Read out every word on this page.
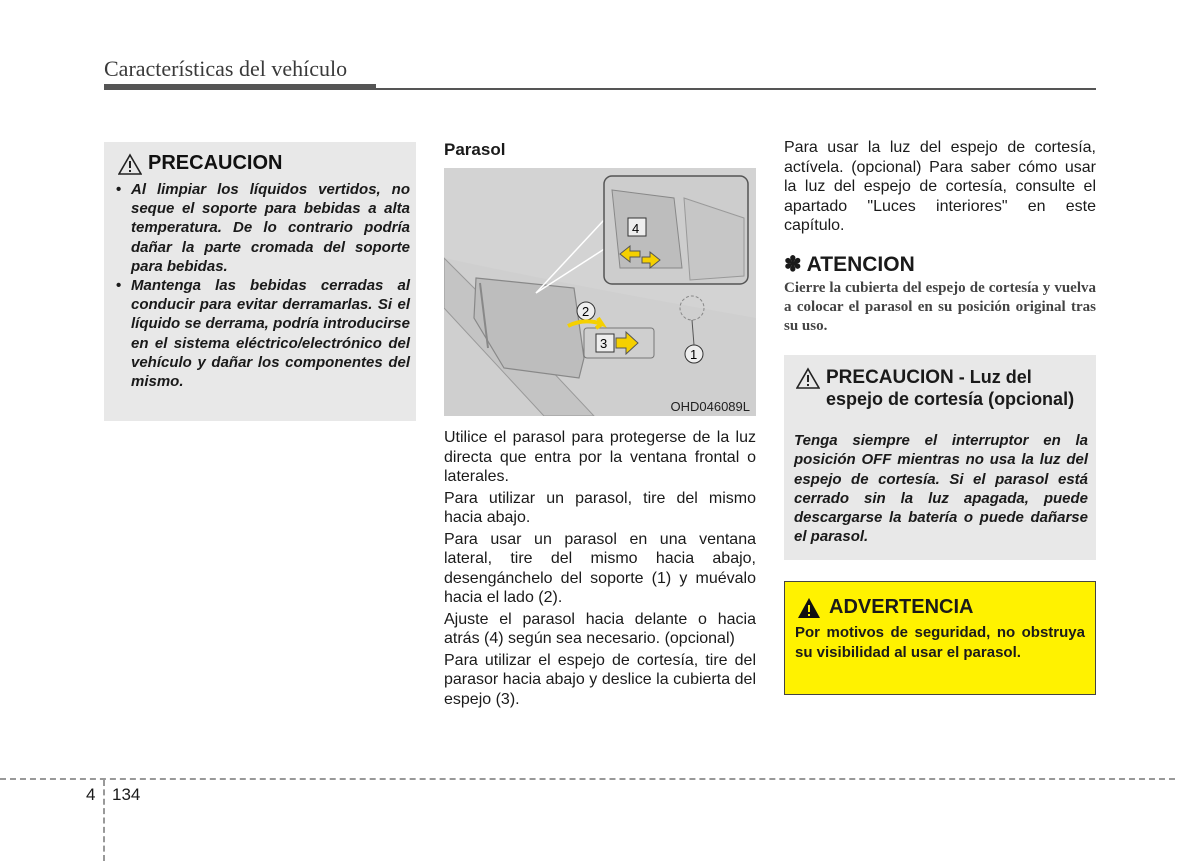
Características del vehículo
PRECAUCION
• Al limpiar los líquidos vertidos, no seque el soporte para bebidas a alta temperatura. De lo contrario podría dañar la parte cromada del soporte para bebidas.
• Mantenga las bebidas cerradas al conducir para evitar derramarlas. Si el líquido se derrama, podría introducirse en el sistema eléctrico/electrónico del vehículo y dañar los componentes del mismo.
Parasol
4
2
3
1
OHD046089L

Utilice el parasol para protegerse de la luz directa que entra por la ventana frontal o laterales.

Para utilizar un parasol, tire del mismo hacia abajo.

Para usar un parasol en una ventana lateral, tire del mismo hacia abajo, desengánchelo del soporte (1) y muévalo hacia el lado (2).

Ajuste el parasol hacia delante o hacia atrás (4) según sea necesario. (opcional)

Para utilizar el espejo de cortesía, tire del parasor hacia abajo y deslice la cubierta del espejo (3).

Para usar la luz del espejo de cortesía, actívela. (opcional) Para saber cómo usar la luz del espejo de cortesía, consulte el apartado "Luces interiores" en este capítulo.
✽ ATENCION
Cierre la cubierta del espejo de cortesía y vuelva a colocar el parasol en su posición original tras su uso.
PRECAUCION - Luz del espejo de cortesía (opcional)
Tenga siempre el interruptor en la posición OFF mientras no usa la luz del espejo de cortesía. Si el parasol está cerrado sin la luz apagada, puede descargarse la batería o puede dañarse el parasol.
ADVERTENCIA
Por motivos de seguridad, no obstruya su visibilidad al usar el parasol.
4 134
